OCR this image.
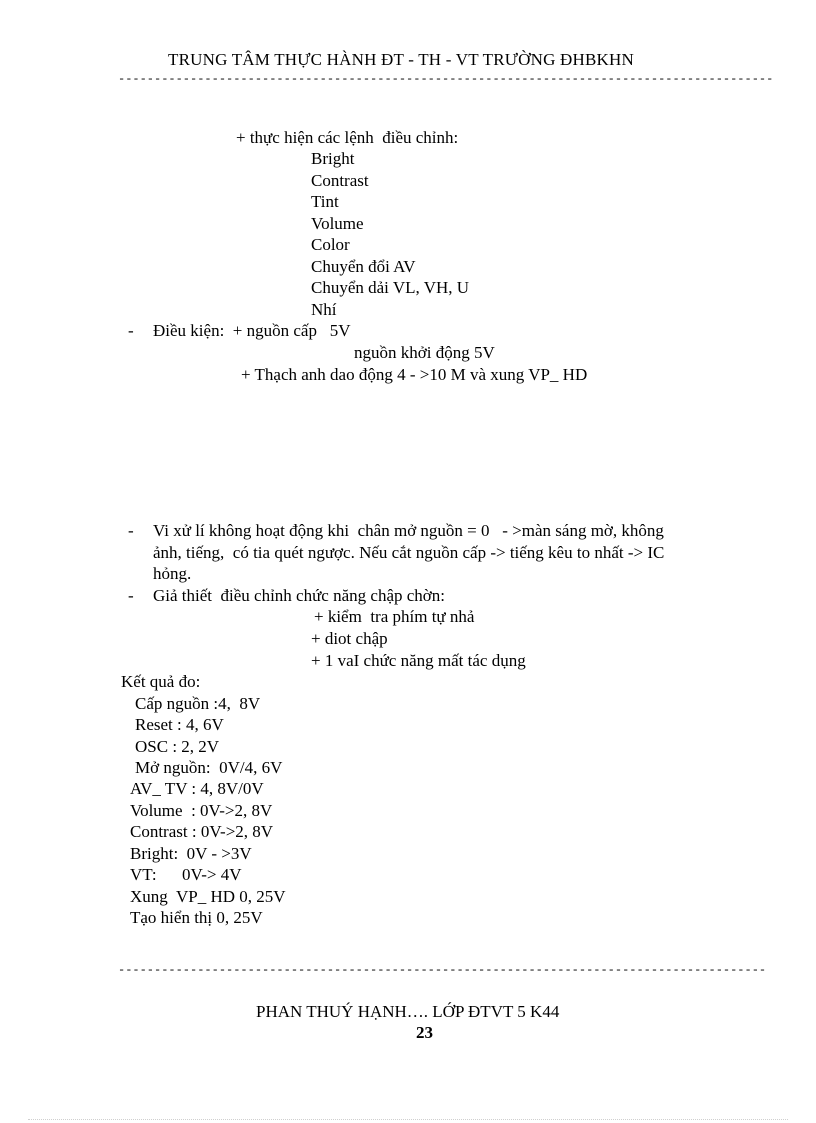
TRUNG TÂM THỰC HÀNH ĐT - TH - VT TRƯỜNG ĐHBKHN
-------------------------------------------------------------------------------------------
+ thực hiện các lệnh  điều chỉnh:
Bright
Contrast
Tint
Volume
Color
Chuyển đổi AV
Chuyển dải VL, VH, U
Nhí
- Điều kiện:  + nguồn cấp   5V
nguồn khởi động 5V
+ Thạch anh dao động 4 - >10 M và xung VP_ HD
- Vi xử lí không hoạt động khi  chân mở nguồn = 0   - >màn sáng mờ, không
ảnh, tiếng,  có tia quét ngược. Nếu cắt nguồn cấp -> tiếng kêu to nhất -> IC
hỏng.
- Giả thiết  điều chỉnh chức năng chập chờn:
+ kiểm  tra phím tự nhả
+ diot chập
+ 1 vaI chức năng mất tác dụng
Kết quả đo:
Cấp nguồn :4,  8V
Reset : 4, 6V
OSC : 2, 2V
Mở nguồn:  0V/4, 6V
AV_ TV : 4, 8V/0V
Volume  : 0V->2, 8V
Contrast : 0V->2, 8V
Bright:  0V - >3V
VT:      0V-> 4V
Xung  VP_ HD 0, 25V
Tạo hiển thị 0, 25V
------------------------------------------------------------------------------------------
PHAN THUÝ HẠNH…. LỚP ĐTVT 5 K44
23
